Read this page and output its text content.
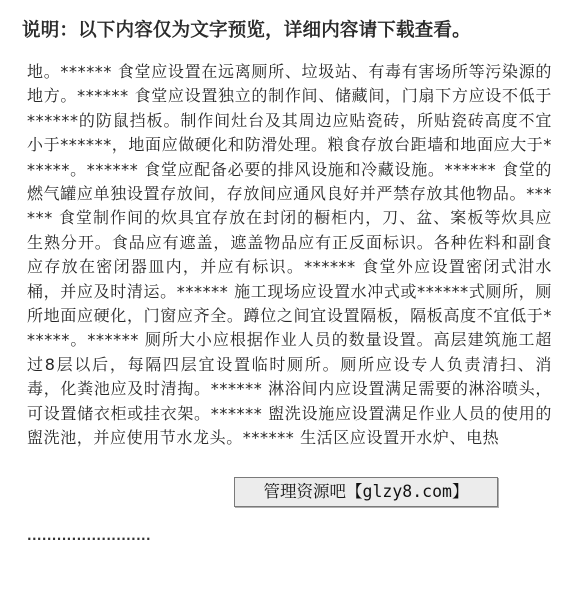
说明：以下内容仅为文字预览，详细内容请下载查看。
地。****** 食堂应设置在远离厕所、垃圾站、有毒有害场所等污染源的地方。****** 食堂应设置独立的制作间、储藏间，门扇下方应设不低于******的防鼠挡板。制作间灶台及其周边应贴瓷砖，所贴瓷砖高度不宜小于******，地面应做硬化和防滑处理。粮食存放台距墙和地面应大于******。****** 食堂应配备必要的排风设施和冷藏设施。****** 食堂的燃气罐应单独设置存放间，存放间应通风良好并严禁存放其他物品。****** 食堂制作间的炊具宜存放在封闭的橱柜内，刀、盆、案板等炊具应生熟分开。食品应有遮盖，遮盖物品应有正反面标识。各种佐料和副食应存放在密闭器皿内，并应有标识。****** 食堂外应设置密闭式泔水桶，并应及时清运。****** 施工现场应设置水冲式或******式厕所，厕所地面应硬化，门窗应齐全。蹲位之间宜设置隔板，隔板高度不宜低于******。****** 厕所大小应根据作业人员的数量设置。高层建筑施工超过8层以后，每隔四层宜设置临时厕所。厕所应设专人负责清扫、消毒，化粪池应及时清掏。****** 淋浴间内应设置满足需要的淋浴喷头，可设置储衣柜或挂衣架。****** 盥洗设施应设置满足作业人员的使用的盥洗池，并应使用节水龙头。****** 生活区应设置开水炉、电热
管理资源吧【glzy8.com】
·························
